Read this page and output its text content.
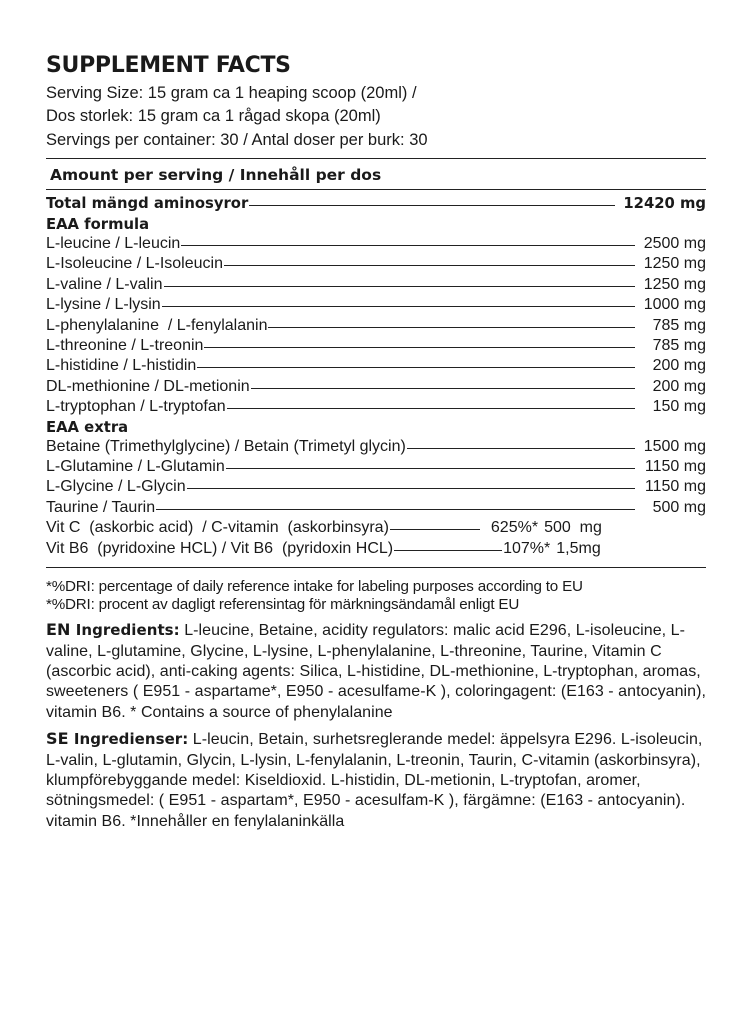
SUPPLEMENT FACTS
Serving Size: 15 gram ca 1 heaping scoop (20ml) /
Dos storlek: 15 gram ca 1 rågad skopa (20ml)
Servings per container: 30 / Antal doser per burk: 30
Amount per serving / Innehåll per dos
Total mängd aminosyror	12420 mg
EAA formula
L-leucine / L-leucin	2500 mg
L-Isoleucine / L-Isoleucin	1250 mg
L-valine / L-valin	1250 mg
L-lysine / L-lysin	1000 mg
L-phenylalanine  / L-fenylalanin	785 mg
L-threonine / L-treonin	785 mg
L-histidine / L-histidin	200 mg
DL-methionine / DL-metionin	200 mg
L-tryptophan / L-tryptofan	150 mg
EAA extra
Betaine (Trimethylglycine) / Betain (Trimetyl glycin)	1500 mg
L-Glutamine / L-Glutamin	1150 mg
L-Glycine / L-Glycin	1150 mg
Taurine / Taurin	500 mg
Vit C  (askorbic acid)  / C-vitamin  (askorbinsyra)	625%* 500  mg
Vit B6  (pyridoxine HCL) / Vit B6  (pyridoxin HCL)	107%* 1,5mg
*%DRI: percentage of daily reference intake for labeling purposes according to EU
*%DRI: procent av dagligt referensintag för märkningsändamål enligt EU
EN Ingredients: L-leucine, Betaine, acidity regulators: malic acid E296, L-isoleucine, L-valine, L-glutamine, Glycine, L-lysine, L-phenylalanine, L-threonine, Taurine, Vitamin C (ascorbic acid), anti-caking agents: Silica, L-histidine, DL-methionine, L-tryptophan, aromas, sweeteners ( E951 - aspartame*, E950 - acesulfame-K ), coloringagent: (E163 - antocyanin), vitamin B6. * Contains a source of phenylalanine
SE Ingredienser: L-leucin, Betain, surhetsreglerande medel: äppelsyra E296. L-isoleucin, L-valin, L-glutamin, Glycin, L-lysin, L-fenylalanin, L-treonin, Taurin, C-vitamin (askorbinsyra), klumpförebyggande medel: Kiseldioxid. L-histidin, DL-metionin, L-tryptofan, aromer, sötningsmedel: ( E951 - aspartam*, E950 - acesulfam-K ), färgämne: (E163 - antocyanin). vitamin B6. *Innehåller en fenylalaninkälla
